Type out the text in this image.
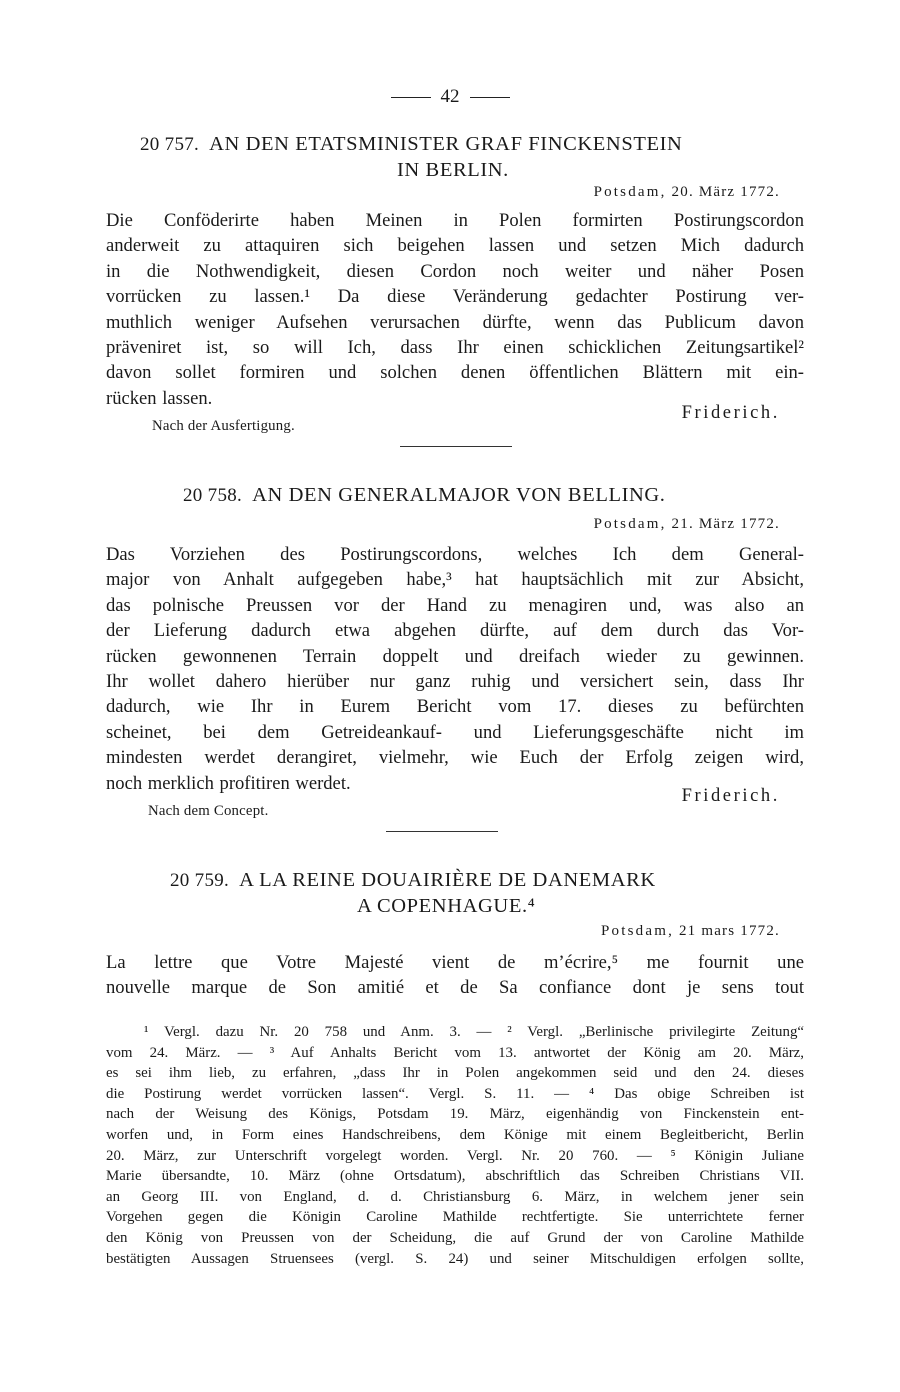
42
20 757. AN DEN ETATSMINISTER GRAF FINCKENSTEIN
IN BERLIN.
Potsdam, 20. März 1772.
Die Conföderirte haben Meinen in Polen formirten Postirungscordon
anderweit zu attaquiren sich beigehen lassen und setzen Mich dadurch
in die Nothwendigkeit, diesen Cordon noch weiter und näher Posen
vorrücken zu lassen.¹ Da diese Veränderung gedachter Postirung ver-
muthlich weniger Aufsehen verursachen dürfte, wenn das Publicum davon
präveniret ist, so will Ich, dass Ihr einen schicklichen Zeitungsartikel²
davon sollet formiren und solchen denen öffentlichen Blättern mit ein-
rücken lassen.
Friderich.
Nach der Ausfertigung.
20 758. AN DEN GENERALMAJOR VON BELLING.
Potsdam, 21. März 1772.
Das Vorziehen des Postirungscordons, welches Ich dem General-
major von Anhalt aufgegeben habe,³ hat hauptsächlich mit zur Absicht,
das polnische Preussen vor der Hand zu menagiren und, was also an
der Lieferung dadurch etwa abgehen dürfte, auf dem durch das Vor-
rücken gewonnenen Terrain doppelt und dreifach wieder zu gewinnen.
Ihr wollet dahero hierüber nur ganz ruhig und versichert sein, dass Ihr
dadurch, wie Ihr in Eurem Bericht vom 17. dieses zu befürchten
scheinet, bei dem Getreideankauf- und Lieferungsgeschäfte nicht im
mindesten werdet derangiret, vielmehr, wie Euch der Erfolg zeigen wird,
noch merklich profitiren werdet.
Friderich.
Nach dem Concept.
20 759. A LA REINE DOUAIRIÈRE DE DANEMARK
A COPENHAGUE.⁴
Potsdam, 21 mars 1772.
La lettre que Votre Majesté vient de m’écrire,⁵ me fournit une
nouvelle marque de Son amitié et de Sa confiance dont je sens tout
¹ Vergl. dazu Nr. 20 758 und Anm. 3. — ² Vergl. „Berlinische privilegirte Zeitung“
vom 24. März. — ³ Auf Anhalts Bericht vom 13. antwortet der König am 20. März,
es sei ihm lieb, zu erfahren, „dass Ihr in Polen angekommen seid und den 24. dieses
die Postirung werdet vorrücken lassen“. Vergl. S. 11. — ⁴ Das obige Schreiben ist
nach der Weisung des Königs, Potsdam 19. März, eigenhändig von Finckenstein ent-
worfen und, in Form eines Handschreibens, dem Könige mit einem Begleitbericht, Berlin
20. März, zur Unterschrift vorgelegt worden. Vergl. Nr. 20 760. — ⁵ Königin Juliane
Marie übersandte, 10. März (ohne Ortsdatum), abschriftlich das Schreiben Christians VII.
an Georg III. von England, d. d. Christiansburg 6. März, in welchem jener sein
Vorgehen gegen die Königin Caroline Mathilde rechtfertigte. Sie unterrichtete ferner
den König von Preussen von der Scheidung, die auf Grund der von Caroline Mathilde
bestätigten Aussagen Struensees (vergl. S. 24) und seiner Mitschuldigen erfolgen sollte,
